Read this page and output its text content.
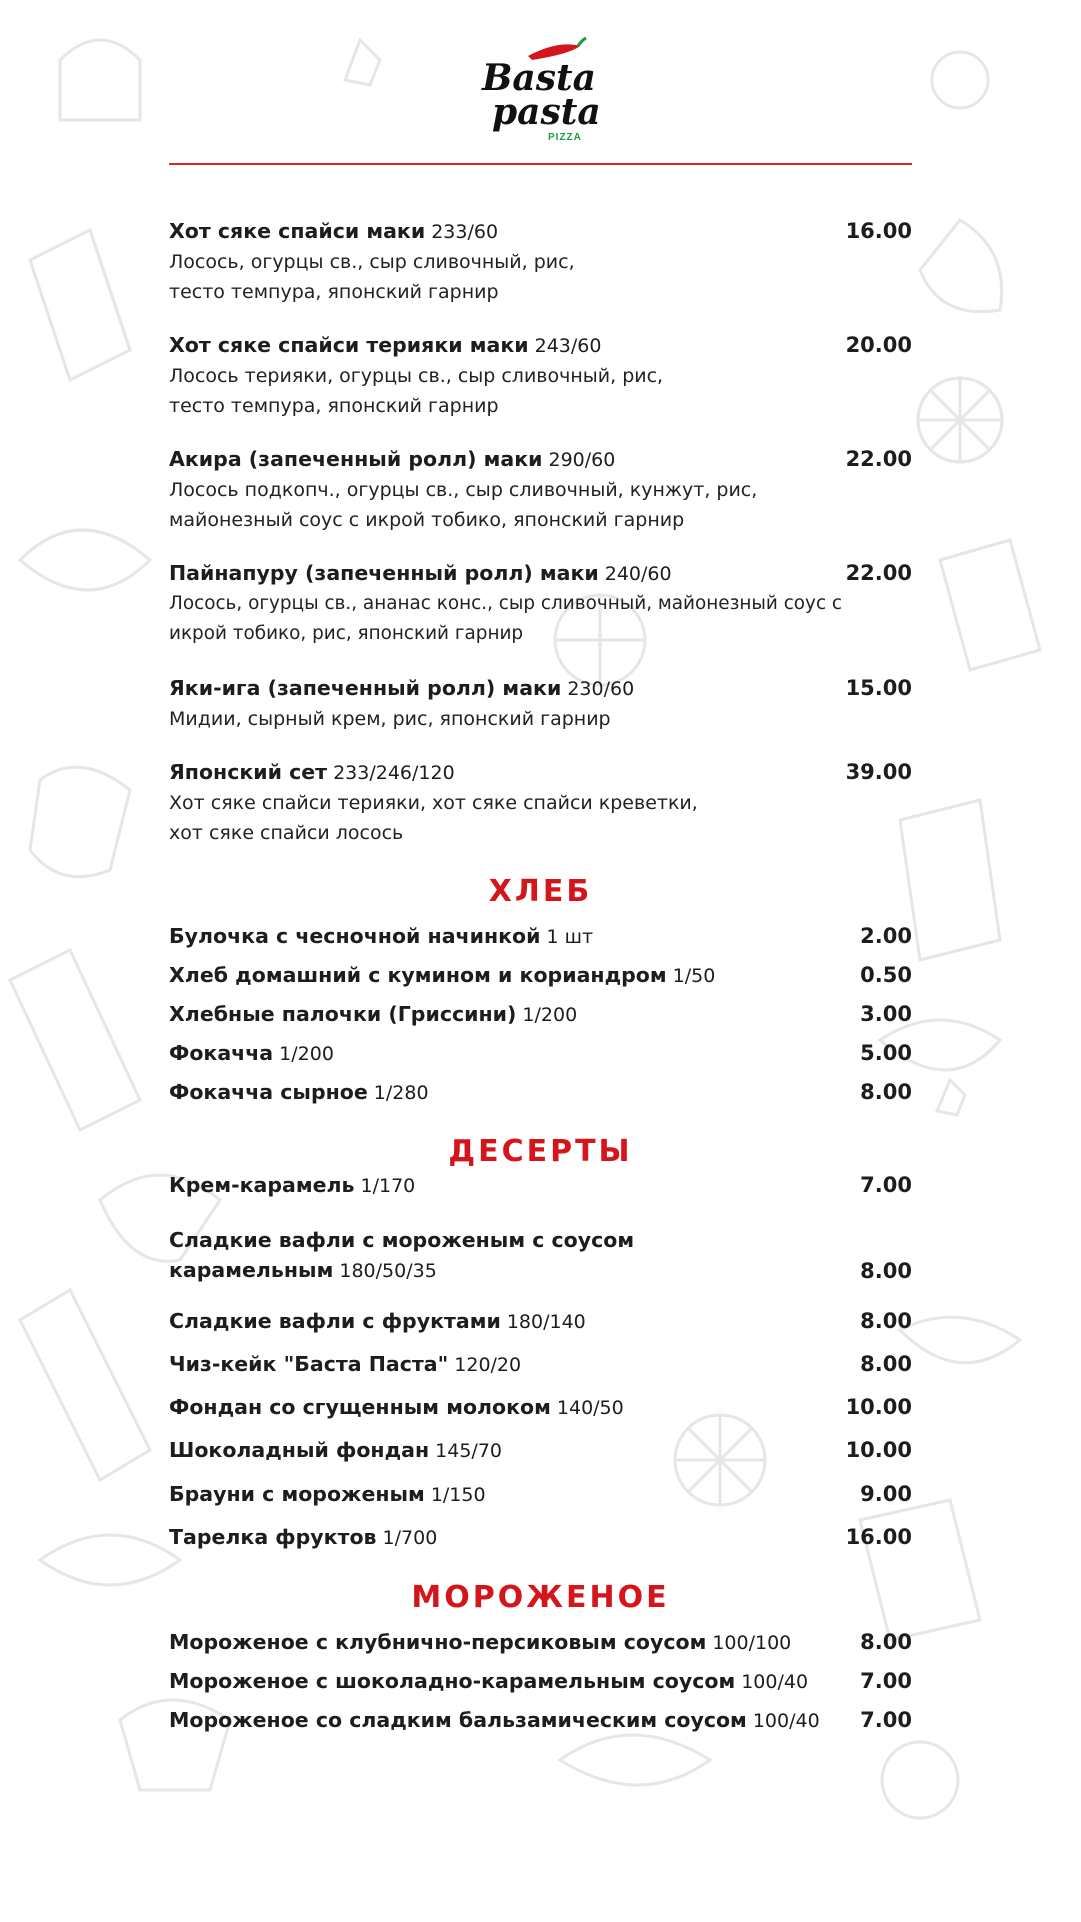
Basta
pasta
PIZZA
Хот сяке спайси маки 233/60	16.00
Лосось, огурцы св., сыр сливочный, рис,
тесто темпура, японский гарнир
Хот сяке спайси терияки маки 243/60	20.00
Лосось терияки, огурцы св., сыр сливочный, рис,
тесто темпура, японский гарнир
Акира (запеченный ролл) маки 290/60	22.00
Лосось подкопч., огурцы св., сыр сливочный, кунжут, рис,
майонезный соус с икрой тобико, японский гарнир
Пайнапуру (запеченный ролл) маки 240/60	22.00
Лосось, огурцы св., ананас конс., сыр сливочный, майонезный соус с
икрой тобико, рис, японский гарнир
Яки-ига (запеченный ролл) маки 230/60	15.00
Мидии, сырный крем, рис, японский гарнир
Японский сет 233/246/120	39.00
Хот сяке спайси терияки, хот сяке спайси креветки,
хот сяке спайси лосось
ХЛЕБ
Булочка с чесночной начинкой 1 шт	2.00
Хлеб домашний с кумином и кориандром 1/50	0.50
Хлебные палочки (Гриссини) 1/200	3.00
Фокачча 1/200	5.00
Фокачча сырное 1/280	8.00
ДЕСЕРТЫ
Крем-карамель 1/170	7.00
Сладкие вафли с мороженым с соусом
карамельным 180/50/35	8.00
Сладкие вафли с фруктами 180/140	8.00
Чиз-кейк "Баста Паста" 120/20	8.00
Фондан со сгущенным молоком 140/50	10.00
Шоколадный фондан 145/70	10.00
Брауни с мороженым 1/150	9.00
Тарелка фруктов 1/700	16.00
МОРОЖЕНОЕ
Мороженое с клубнично-персиковым соусом 100/100	8.00
Мороженое с шоколадно-карамельным соусом 100/40 7.00
Мороженое со сладким бальзамическим соусом 100/40 7.00
